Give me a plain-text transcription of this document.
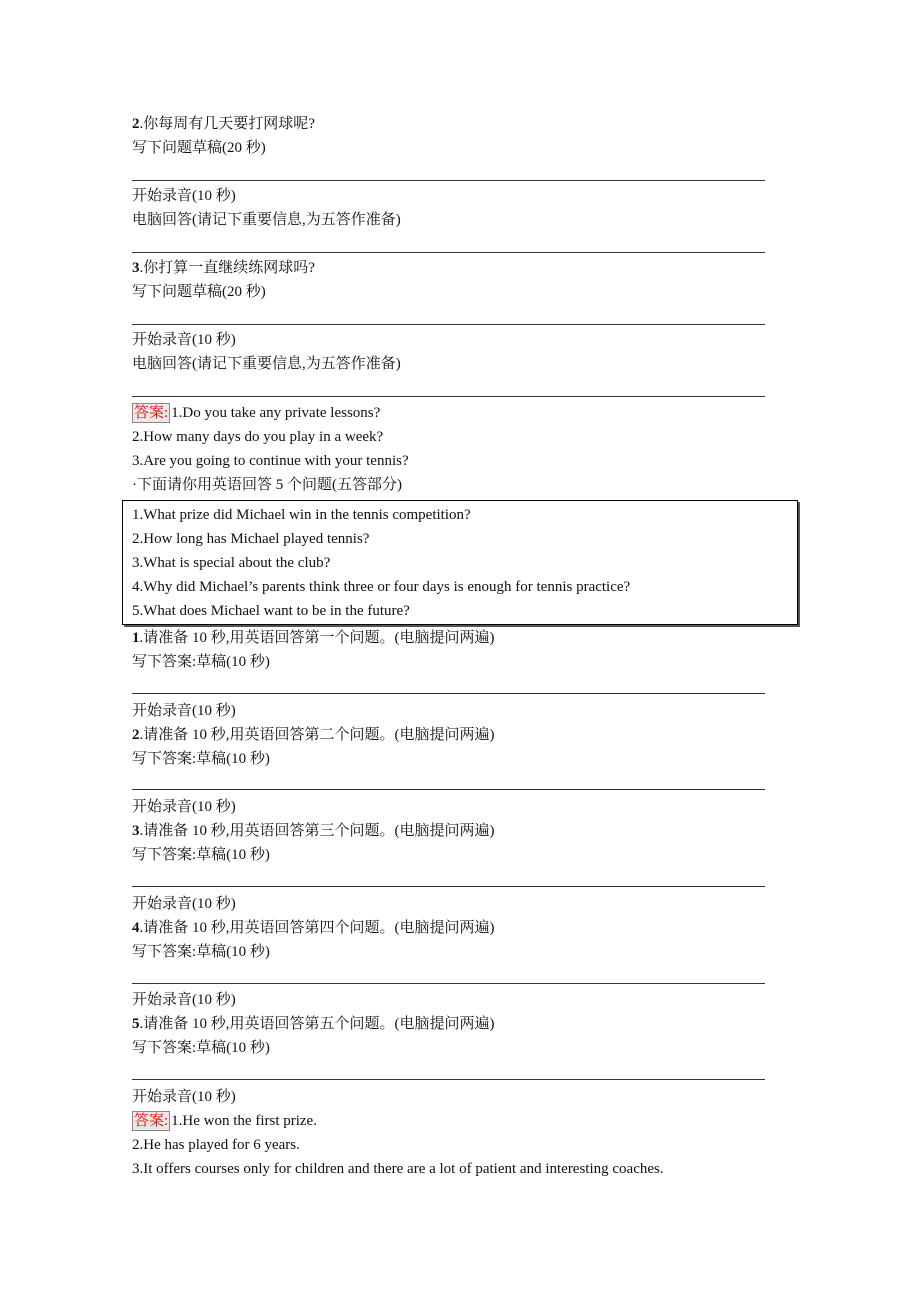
2.你每周有几天要打网球呢?
写下问题草稿(20 秒)
开始录音(10 秒)
电脑回答(请记下重要信息,为五答作准备)
3.你打算一直继续练网球吗?
写下问题草稿(20 秒)
开始录音(10 秒)
电脑回答(请记下重要信息,为五答作准备)
答案: 1.Do you take any private lessons?
2.How many days do you play in a week?
3.Are you going to continue with your tennis?
·下面请你用英语回答 5 个问题(五答部分)
1.What prize did Michael win in the tennis competition?
2.How long has Michael played tennis?
3.What is special about the club?
4.Why did Michael’s parents think three or four days is enough for tennis practice?
5.What does Michael want to be in the future?
1.请准备 10 秒,用英语回答第一个问题。(电脑提问两遍)
写下答案:草稿(10 秒)
开始录音(10 秒)
2.请准备 10 秒,用英语回答第二个问题。(电脑提问两遍)
写下答案:草稿(10 秒)
开始录音(10 秒)
3.请准备 10 秒,用英语回答第三个问题。(电脑提问两遍)
写下答案:草稿(10 秒)
开始录音(10 秒)
4.请准备 10 秒,用英语回答第四个问题。(电脑提问两遍)
写下答案:草稿(10 秒)
开始录音(10 秒)
5.请准备 10 秒,用英语回答第五个问题。(电脑提问两遍)
写下答案:草稿(10 秒)
开始录音(10 秒)
答案: 1.He won the first prize.
2.He has played for 6 years.
3.It offers courses only for children and there are a lot of patient and interesting coaches.
